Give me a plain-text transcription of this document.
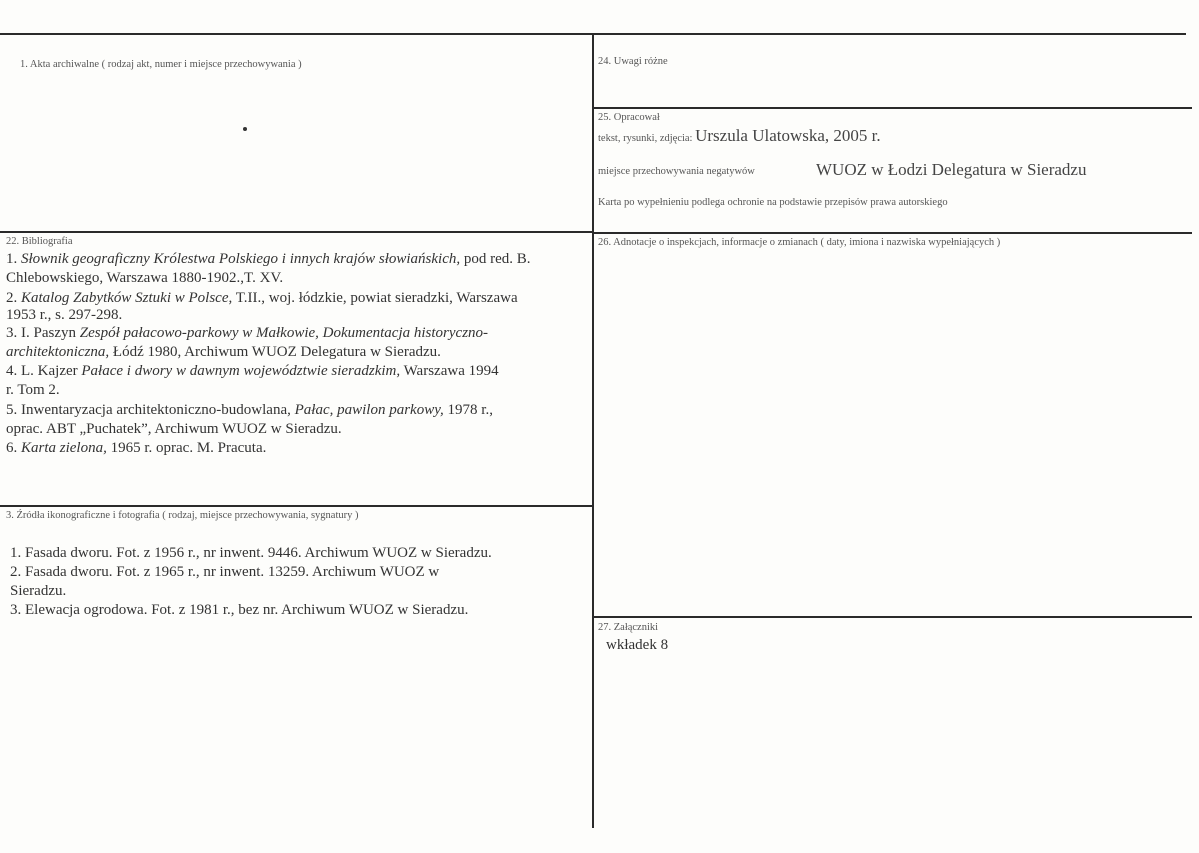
1. Akta archiwalne ( rodzaj akt, numer i miejsce przechowywania )
22. Bibliografia
1. Słownik geograficzny Królestwa Polskiego i innych krajów słowiańskich, pod red. B.
Chlebowskiego, Warszawa 1880-1902.,T. XV.
2. Katalog Zabytków Sztuki w Polsce, T.II., woj. łódzkie, powiat sieradzki, Warszawa
1953 r., s. 297-298.
3. I. Paszyn Zespół pałacowo-parkowy w Małkowie, Dokumentacja historyczno-
architektoniczna, Łódź 1980, Archiwum WUOZ Delegatura w Sieradzu.
4. L. Kajzer Pałace i dwory w dawnym województwie sieradzkim, Warszawa 1994
r. Tom 2.
5. Inwentaryzacja architektoniczno-budowlana, Pałac, pawilon parkowy, 1978 r.,
oprac. ABT „Puchatek”, Archiwum WUOZ w Sieradzu.
6. Karta zielona, 1965 r. oprac. M. Pracuta.
3. Źródła ikonograficzne i fotografia ( rodzaj, miejsce przechowywania, sygnatury )
1. Fasada dworu. Fot. z 1956 r., nr inwent. 9446. Archiwum WUOZ w Sieradzu.
2. Fasada dworu. Fot. z 1965 r., nr inwent. 13259. Archiwum WUOZ w
Sieradzu.
3. Elewacja ogrodowa. Fot. z 1981 r., bez nr. Archiwum WUOZ w Sieradzu.
24. Uwagi różne
25. Opracował
tekst, rysunki, zdjęcia: Urszula Ulatowska, 2005 r.
miejsce przechowywania negatywów	WUOZ w Łodzi Delegatura w Sieradzu
Karta po wypełnieniu podlega ochronie na podstawie przepisów prawa autorskiego
26. Adnotacje o inspekcjach, informacje o zmianach ( daty, imiona i nazwiska wypełniających )
27. Załączniki
wkładek 8
